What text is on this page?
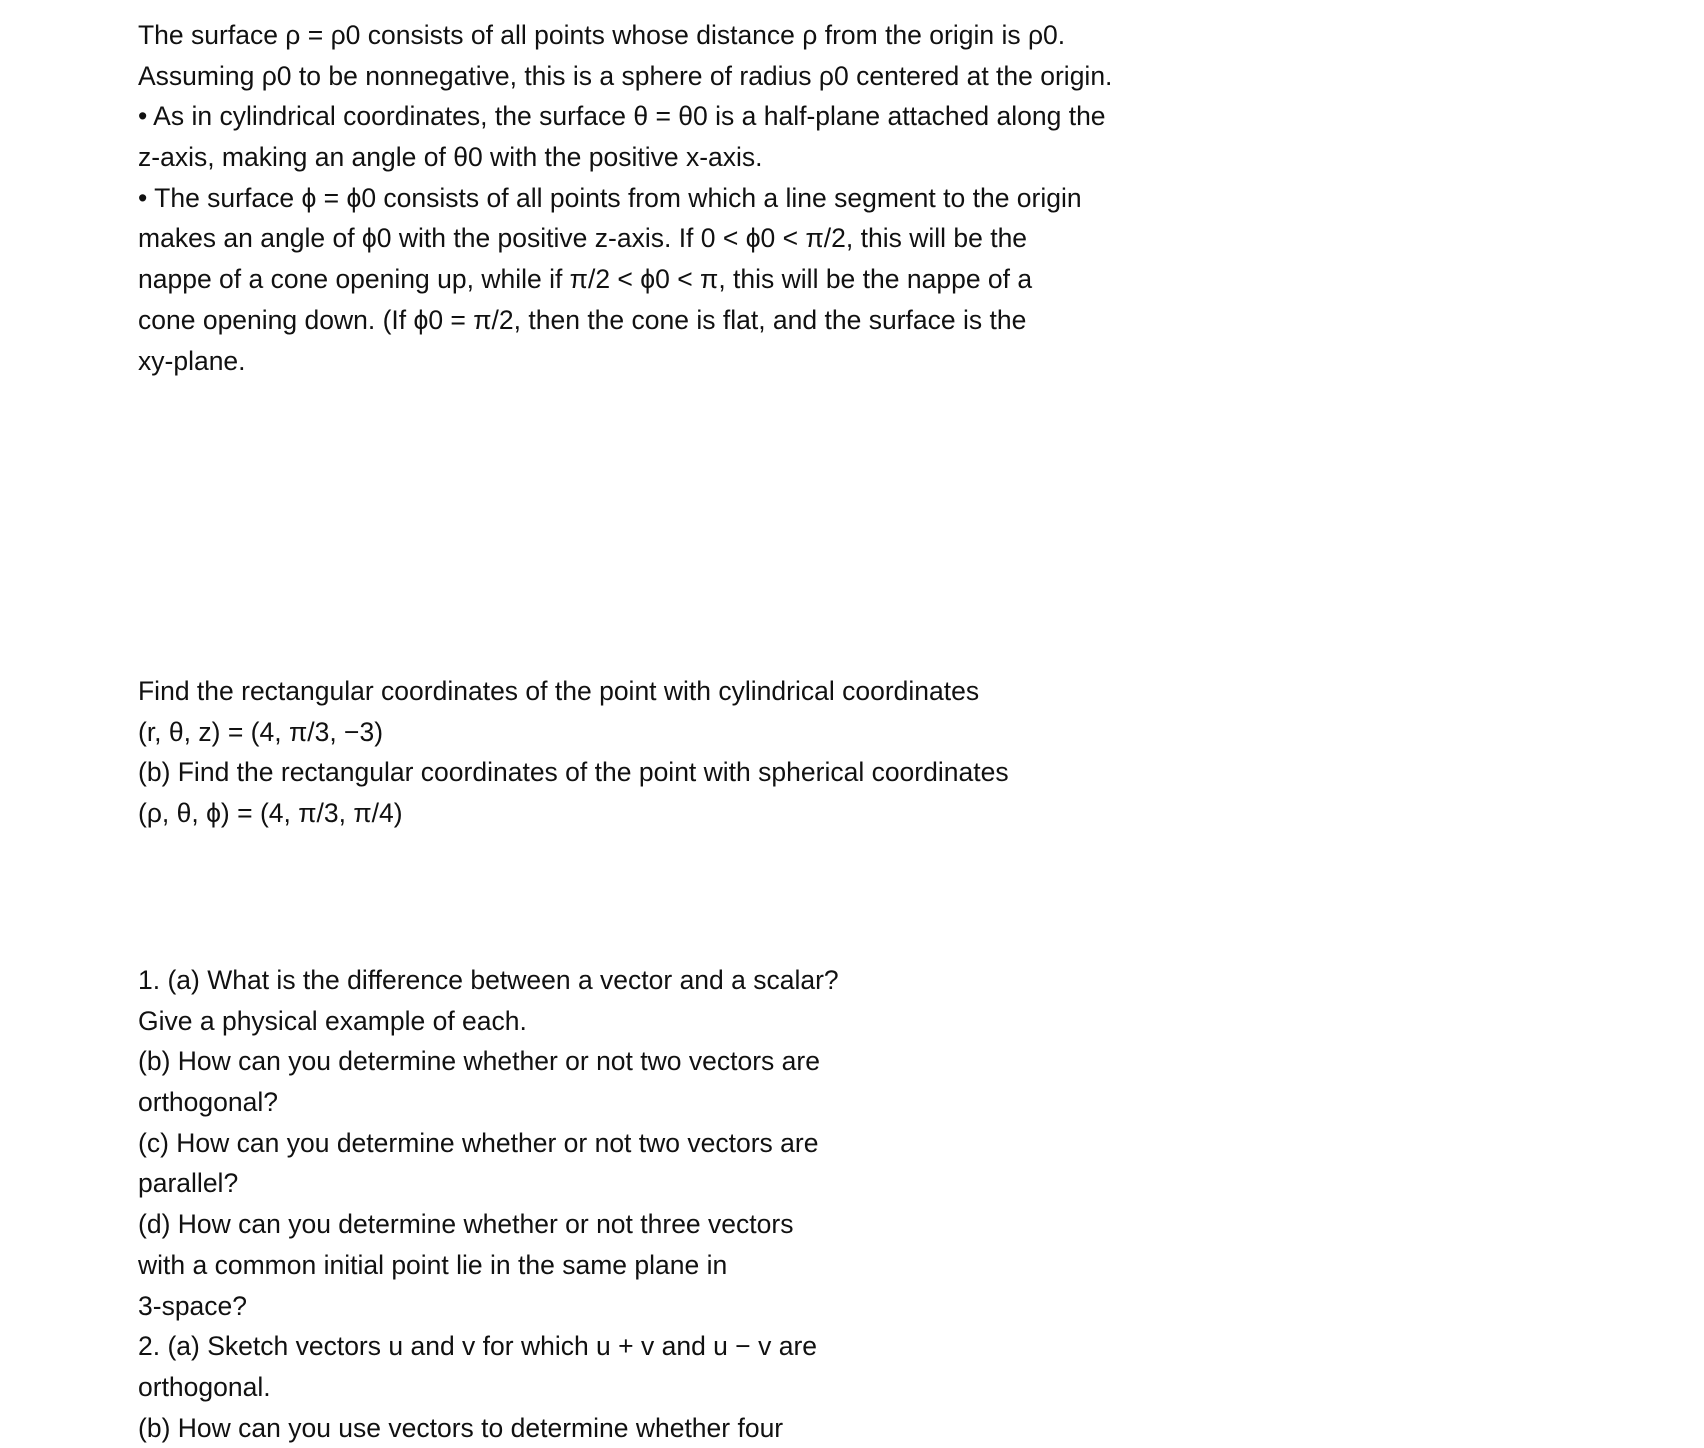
The surface ρ = ρ0 consists of all points whose distance ρ from the origin is ρ0.
Assuming ρ0 to be nonnegative, this is a sphere of radius ρ0 centered at the origin.
• As in cylindrical coordinates, the surface θ = θ0 is a half-plane attached along the
z-axis, making an angle of θ0 with the positive x-axis.
• The surface ϕ = ϕ0 consists of all points from which a line segment to the origin
makes an angle of ϕ0 with the positive z-axis. If 0 < ϕ0 < π/2, this will be the
nappe of a cone opening up, while if π/2 < ϕ0 < π, this will be the nappe of a
cone opening down. (If ϕ0 = π/2, then the cone is flat, and the surface is the
xy-plane.
Find the rectangular coordinates of the point with cylindrical coordinates
(r, θ, z) = (4, π/3, −3)
(b) Find the rectangular coordinates of the point with spherical coordinates
(ρ, θ, ϕ) = (4, π/3, π/4)
1. (a) What is the difference between a vector and a scalar?
Give a physical example of each.
(b) How can you determine whether or not two vectors are
orthogonal?
(c) How can you determine whether or not two vectors are
parallel?
(d) How can you determine whether or not three vectors
with a common initial point lie in the same plane in
3-space?
2. (a) Sketch vectors u and v for which u + v and u − v are
orthogonal.
(b) How can you use vectors to determine whether four
